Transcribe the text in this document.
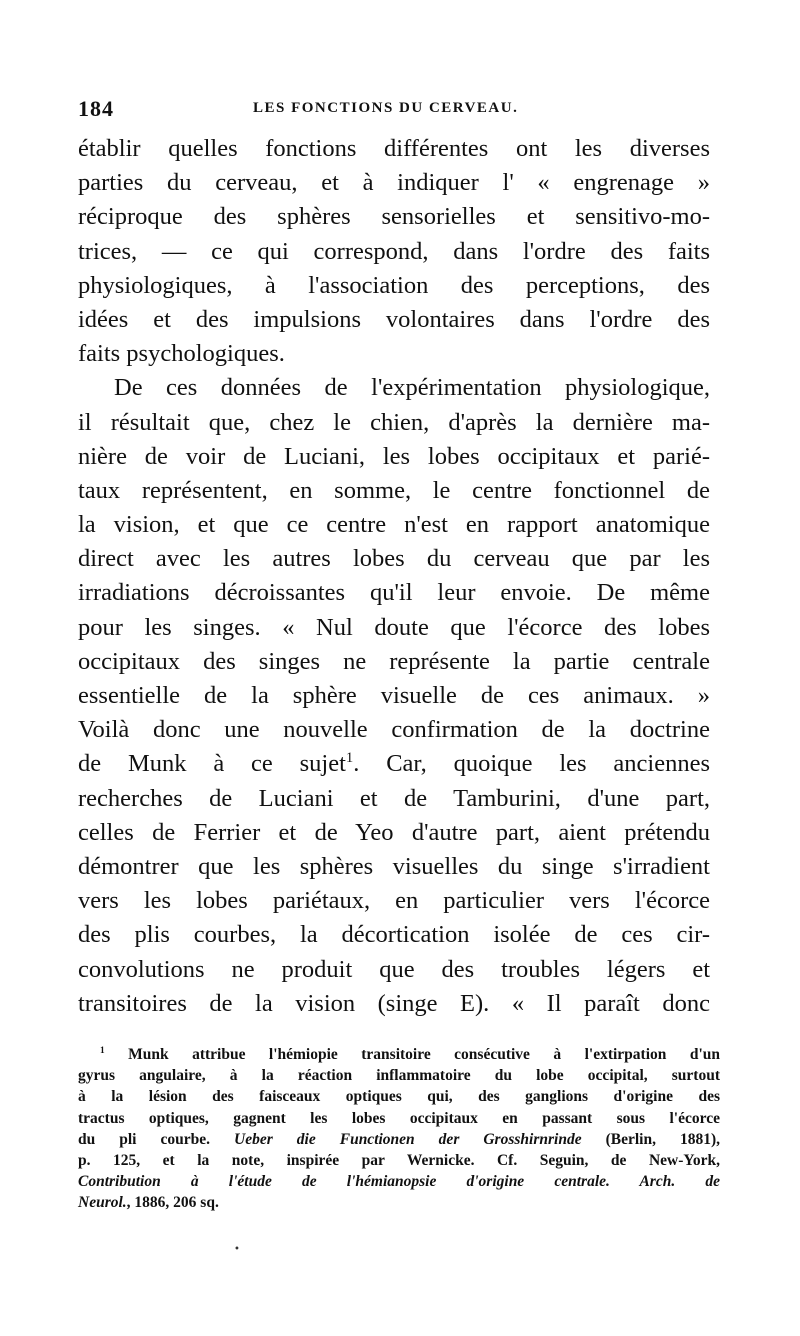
184	LES FONCTIONS DU CERVEAU.
établir quelles fonctions différentes ont les diverses
parties du cerveau, et à indiquer l' « engrenage »
réciproque des sphères sensorielles et sensitivo-mo-
trices, — ce qui correspond, dans l'ordre des faits
physiologiques, à l'association des perceptions, des
idées et des impulsions volontaires dans l'ordre des
faits psychologiques.
De ces données de l'expérimentation physiologique,
il résultait que, chez le chien, d'après la dernière ma-
nière de voir de Luciani, les lobes occipitaux et parié-
taux représentent, en somme, le centre fonctionnel de
la vision, et que ce centre n'est en rapport anatomique
direct avec les autres lobes du cerveau que par les
irradiations décroissantes qu'il leur envoie. De même
pour les singes. « Nul doute que l'écorce des lobes
occipitaux des singes ne représente la partie centrale
essentielle de la sphère visuelle de ces animaux. »
Voilà donc une nouvelle confirmation de la doctrine
de Munk à ce sujet$^1$. Car, quoique les anciennes
recherches de Luciani et de Tamburini, d'une part,
celles de Ferrier et de Yeo d'autre part, aient prétendu
démontrer que les sphères visuelles du singe s'irradient
vers les lobes pariétaux, en particulier vers l'écorce
des plis courbes, la décortication isolée de ces cir-
convolutions ne produit que des troubles légers et
transitoires de la vision (singe E). « Il paraît donc
$^1$ Munk attribue l'hémiopie transitoire consécutive à l'extirpation d'un
gyrus angulaire, à la réaction inflammatoire du lobe occipital, surtout
à la lésion des faisceaux optiques qui, des ganglions d'origine des
tractus optiques, gagnent les lobes occipitaux en passant sous l'écorce
du pli courbe. Ueber die Functionen der Grosshirnrinde (Berlin, 1881),
p. 125, et la note, inspirée par Wernicke. Cf. Seguin, de New-York,
Contribution à l'étude de l'hémianopsie d'origine centrale. Arch. de
Neurol., 1886, 206 sq.
•
